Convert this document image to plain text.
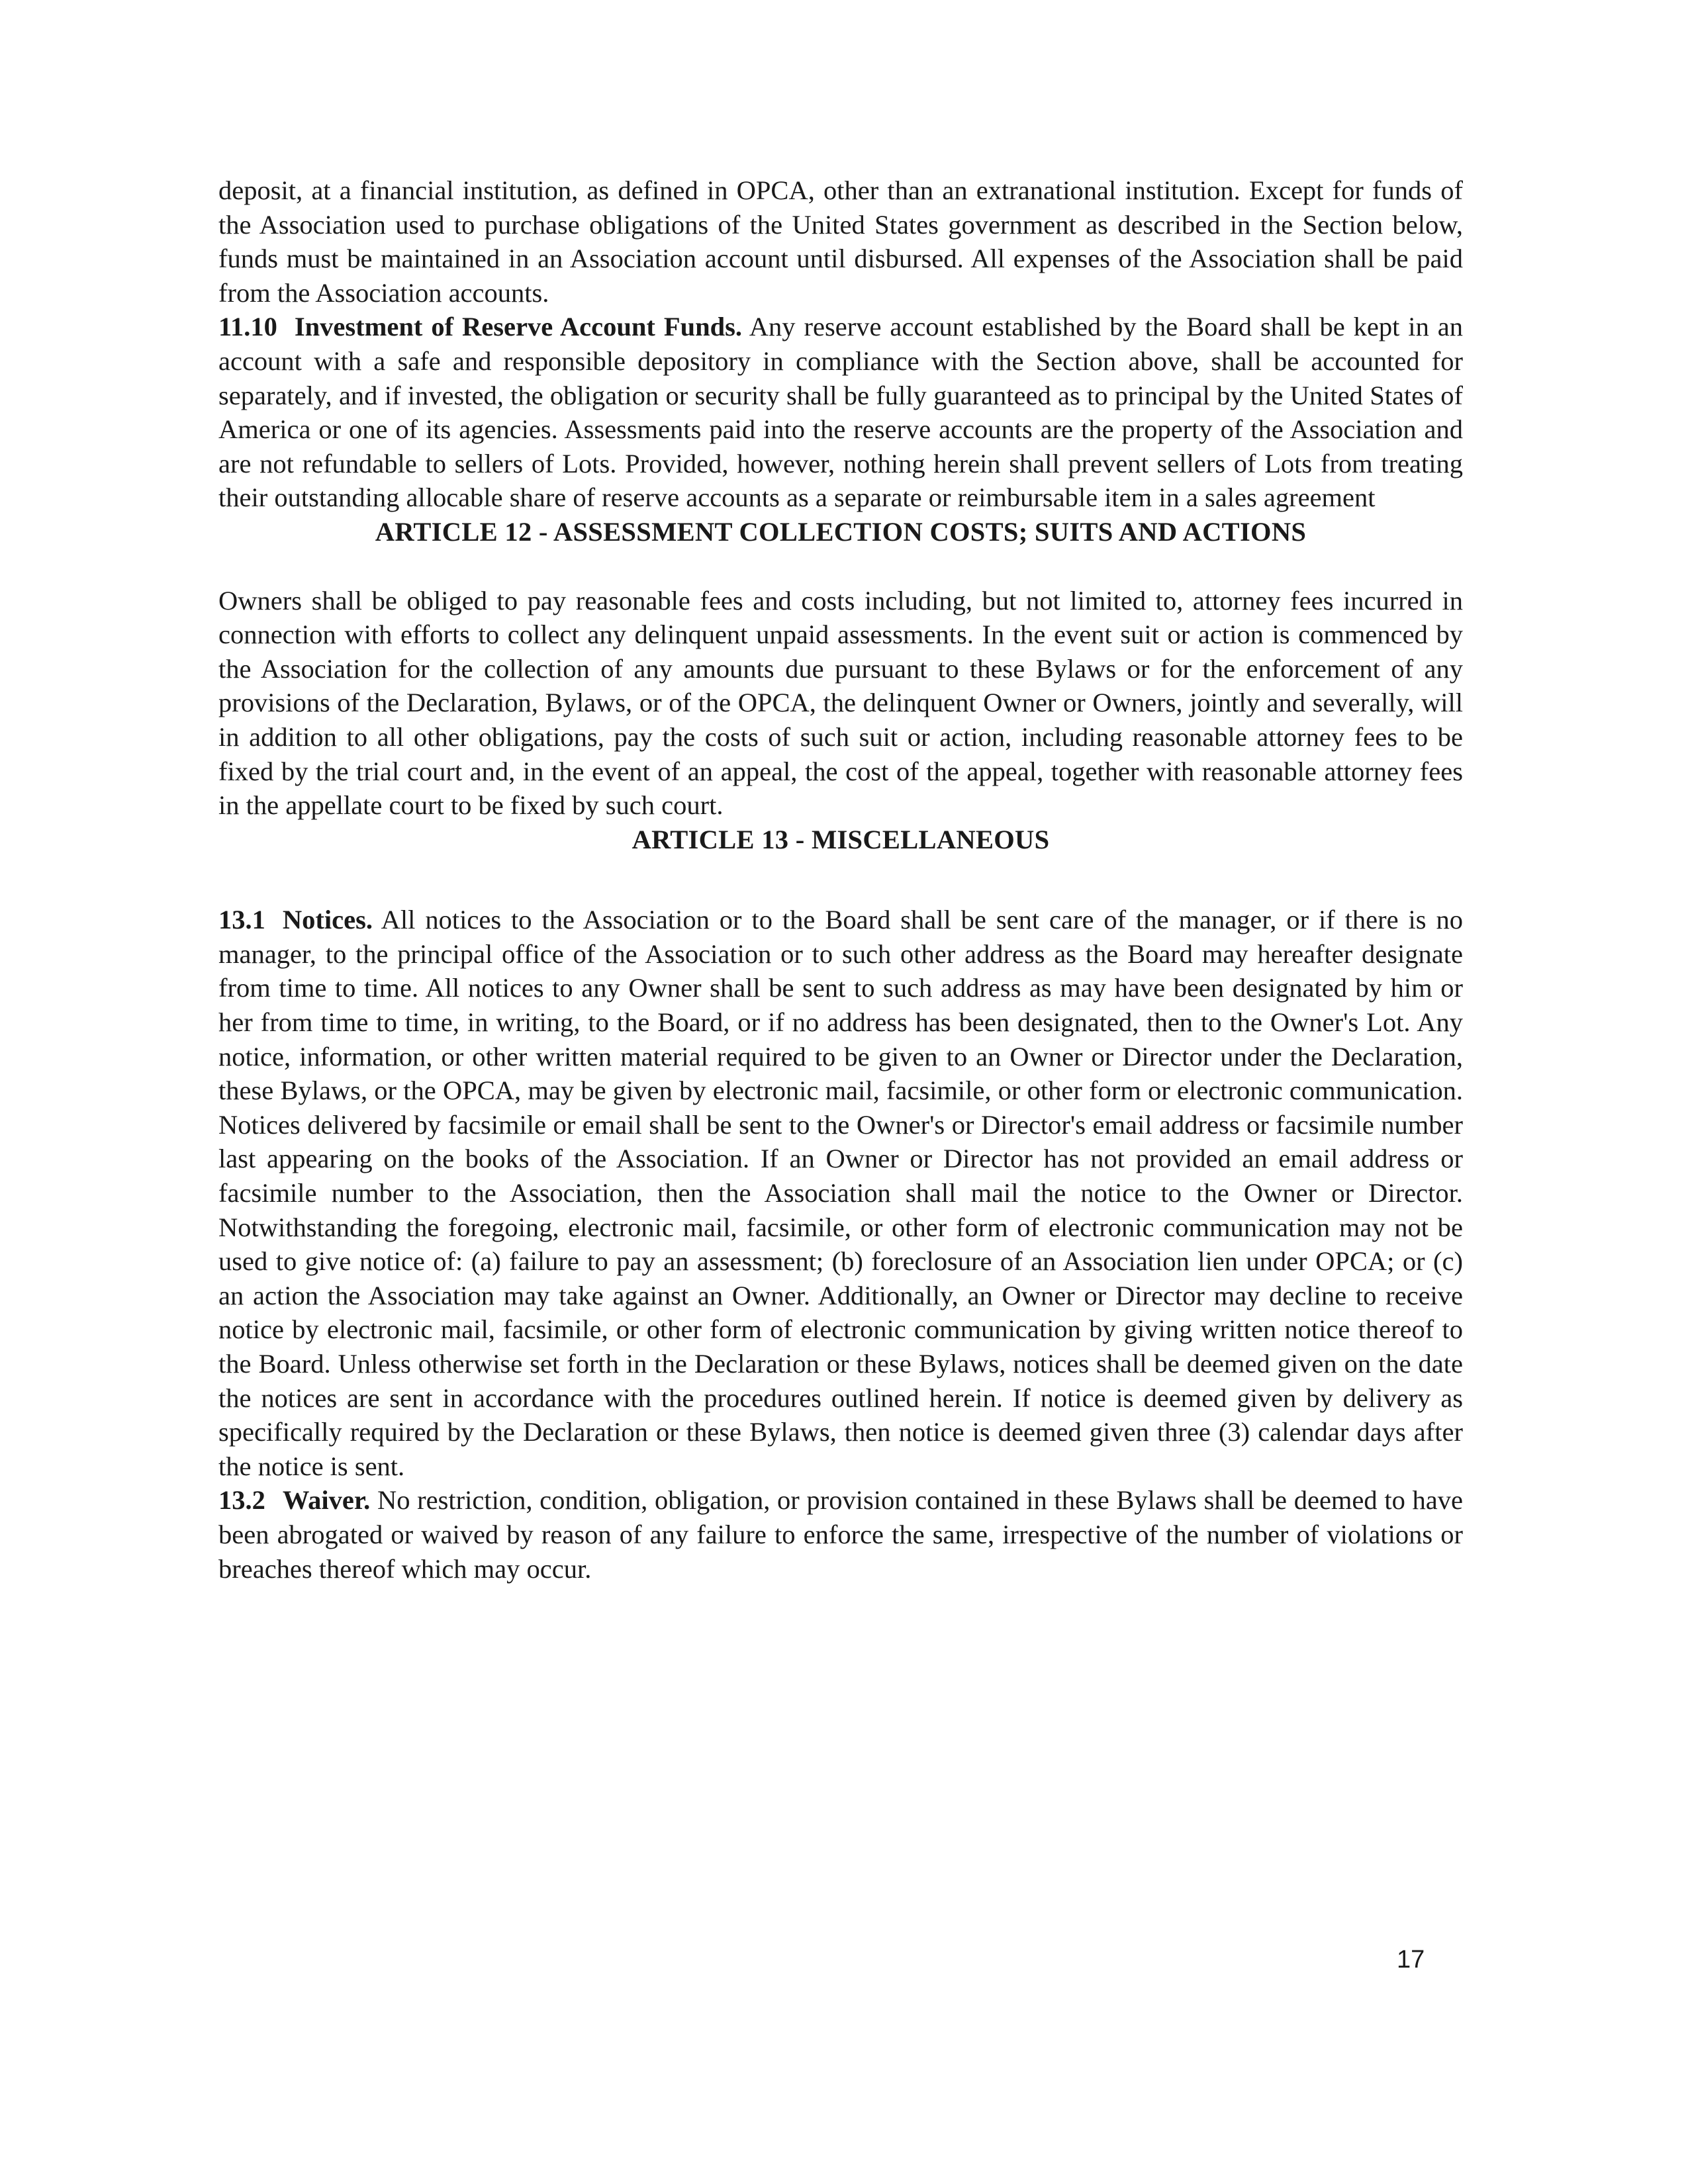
deposit, at a financial institution, as defined in OPCA, other than an extranational institution. Except for funds of the Association used to purchase obligations of the United States government as described in the Section below, funds must be maintained in an Association account until disbursed. All expenses of the Association shall be paid from the Association accounts.

11.10 Investment of Reserve Account Funds. Any reserve account established by the Board shall be kept in an account with a safe and responsible depository in compliance with the Section above, shall be accounted for separately, and if invested, the obligation or security shall be fully guaranteed as to principal by the United States of America or one of its agencies. Assessments paid into the reserve accounts are the property of the Association and are not refundable to sellers of Lots. Provided, however, nothing herein shall prevent sellers of Lots from treating their outstanding allocable share of reserve accounts as a separate or reimbursable item in a sales agreement

ARTICLE 12 - ASSESSMENT COLLECTION COSTS; SUITS AND ACTIONS

Owners shall be obliged to pay reasonable fees and costs including, but not limited to, attorney fees incurred in connection with efforts to collect any delinquent unpaid assessments. In the event suit or action is commenced by the Association for the collection of any amounts due pursuant to these Bylaws or for the enforcement of any provisions of the Declaration, Bylaws, or of the OPCA, the delinquent Owner or Owners, jointly and severally, will in addition to all other obligations, pay the costs of such suit or action, including reasonable attorney fees to be fixed by the trial court and, in the event of an appeal, the cost of the appeal, together with reasonable attorney fees in the appellate court to be fixed by such court.

ARTICLE 13 - MISCELLANEOUS

13.1 Notices. All notices to the Association or to the Board shall be sent care of the manager, or if there is no manager, to the principal office of the Association or to such other address as the Board may hereafter designate from time to time. All notices to any Owner shall be sent to such address as may have been designated by him or her from time to time, in writing, to the Board, or if no address has been designated, then to the Owner's Lot. Any notice, information, or other written material required to be given to an Owner or Director under the Declaration, these Bylaws, or the OPCA, may be given by electronic mail, facsimile, or other form or electronic communication. Notices delivered by facsimile or email shall be sent to the Owner's or Director's email address or facsimile number last appearing on the books of the Association. If an Owner or Director has not provided an email address or facsimile number to the Association, then the Association shall mail the notice to the Owner or Director. Notwithstanding the foregoing, electronic mail, facsimile, or other form of electronic communication may not be used to give notice of: (a) failure to pay an assessment; (b) foreclosure of an Association lien under OPCA; or (c) an action the Association may take against an Owner. Additionally, an Owner or Director may decline to receive notice by electronic mail, facsimile, or other form of electronic communication by giving written notice thereof to the Board. Unless otherwise set forth in the Declaration or these Bylaws, notices shall be deemed given on the date the notices are sent in accordance with the procedures outlined herein. If notice is deemed given by delivery as specifically required by the Declaration or these Bylaws, then notice is deemed given three (3) calendar days after the notice is sent.

13.2 Waiver. No restriction, condition, obligation, or provision contained in these Bylaws shall be deemed to have been abrogated or waived by reason of any failure to enforce the same, irrespective of the number of violations or breaches thereof which may occur.

17
